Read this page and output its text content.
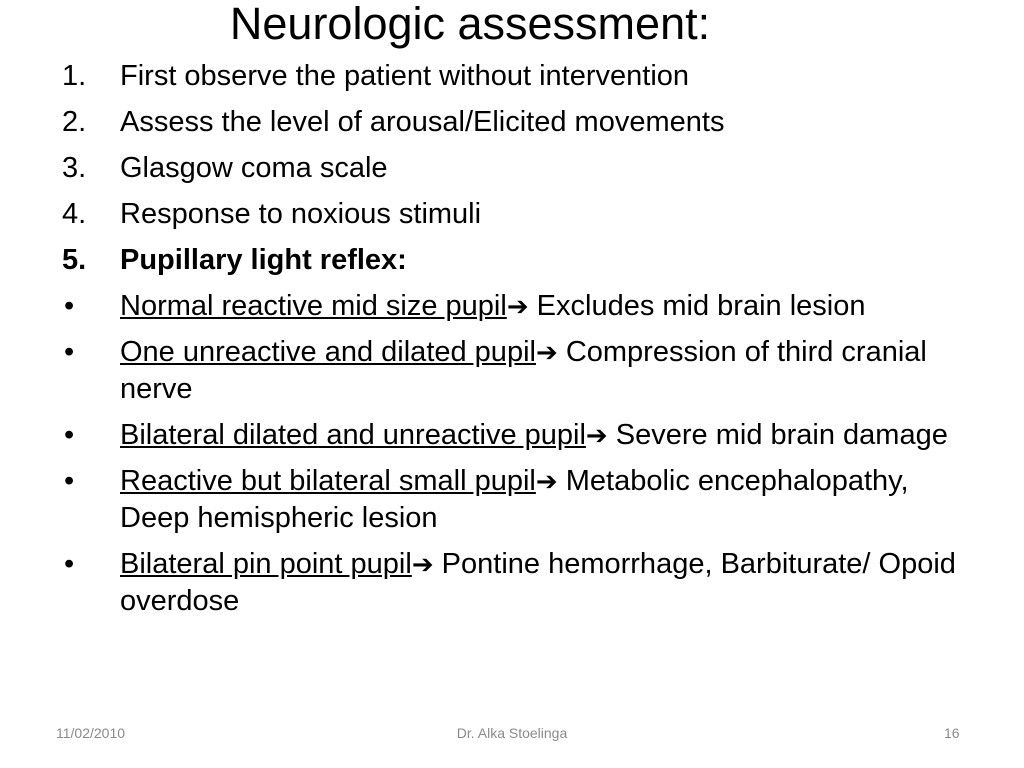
Neurologic assessment:
1.	First observe the patient without intervention
2.	Assess the level of arousal/Elicited movements
3.	Glasgow coma scale
4.	Response to noxious stimuli
5.	Pupillary light reflex:
•	Normal reactive mid size pupil➔ Excludes mid brain lesion
•	One unreactive and dilated pupil➔ Compression of third cranial nerve
•	Bilateral dilated and unreactive pupil➔ Severe mid brain damage
•	Reactive but bilateral small pupil➔ Metabolic encephalopathy, Deep hemispheric lesion
•	Bilateral pin point pupil➔ Pontine hemorrhage, Barbiturate/ Opoid overdose
11/02/2010	Dr. Alka Stoelinga	16
